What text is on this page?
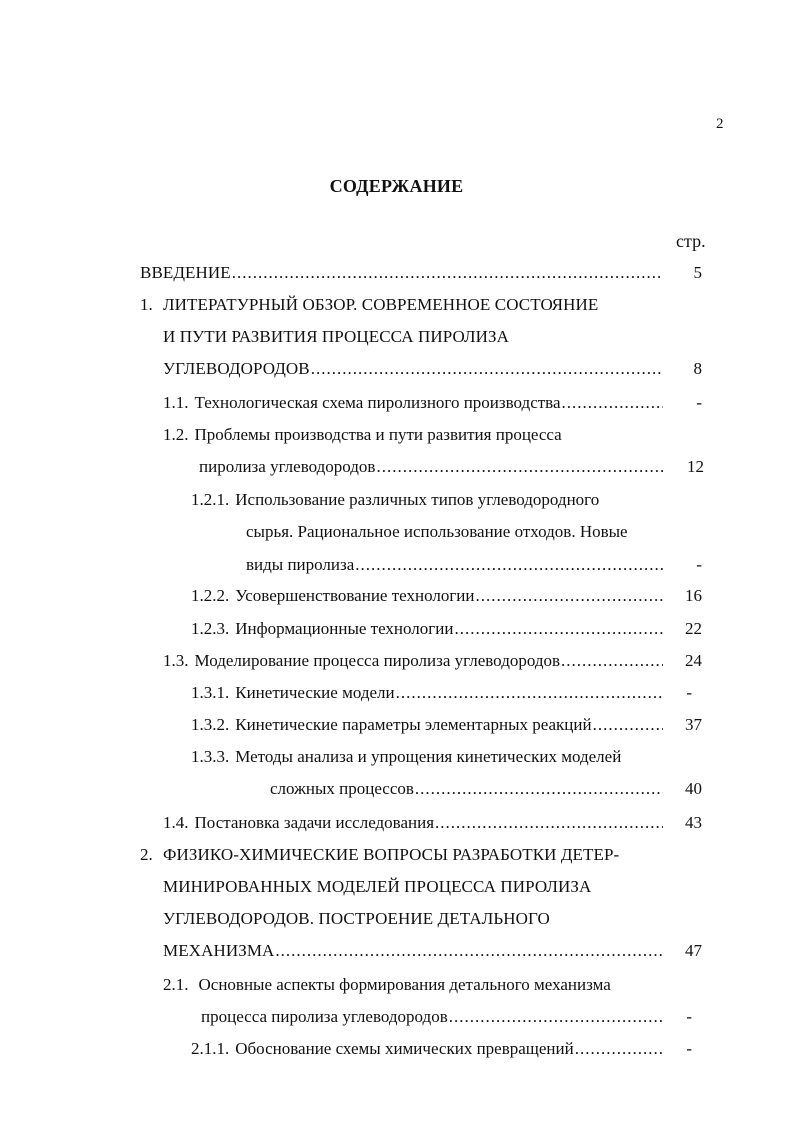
2
СОДЕРЖАНИЕ
стр.
ВВЕДЕНИЕ .....	5
1. ЛИТЕРАТУРНЫЙ ОБЗОР. СОВРЕМЕННОЕ СОСТОЯНИЕ
И ПУТИ РАЗВИТИЯ ПРОЦЕССА ПИРОЛИЗА
УГЛЕВОДОРОДОВ .....	8
1.1. Технологическая схема пиролизного производства .....	-
1.2. Проблемы производства и пути развития процесса
пиролиза углеводородов .....	12
1.2.1. Использование различных типов углеводородного
сырья. Рациональное использование отходов. Новые
виды пиролиза .....	-
1.2.2. Усовершенствование технологии .....	16
1.2.3. Информационные технологии .....	22
1.3. Моделирование процесса пиролиза углеводородов .....	24
1.3.1. Кинетические модели .....	-
1.3.2. Кинетические параметры элементарных реакций .....	37
1.3.3. Методы анализа и упрощения кинетических моделей
сложных процессов .....	40
1.4. Постановка задачи исследования .....	43
2. ФИЗИКО-ХИМИЧЕСКИЕ ВОПРОСЫ РАЗРАБОТКИ ДЕТЕР-
МИНИРОВАННЫХ МОДЕЛЕЙ ПРОЦЕССА ПИРОЛИЗА
УГЛЕВОДОРОДОВ. ПОСТРОЕНИЕ ДЕТАЛЬНОГО
МЕХАНИЗМА .....	47
2.1. Основные аспекты формирования детального механизма
процесса пиролиза углеводородов .....	-
2.1.1. Обоснование схемы химических превращений .....	-
